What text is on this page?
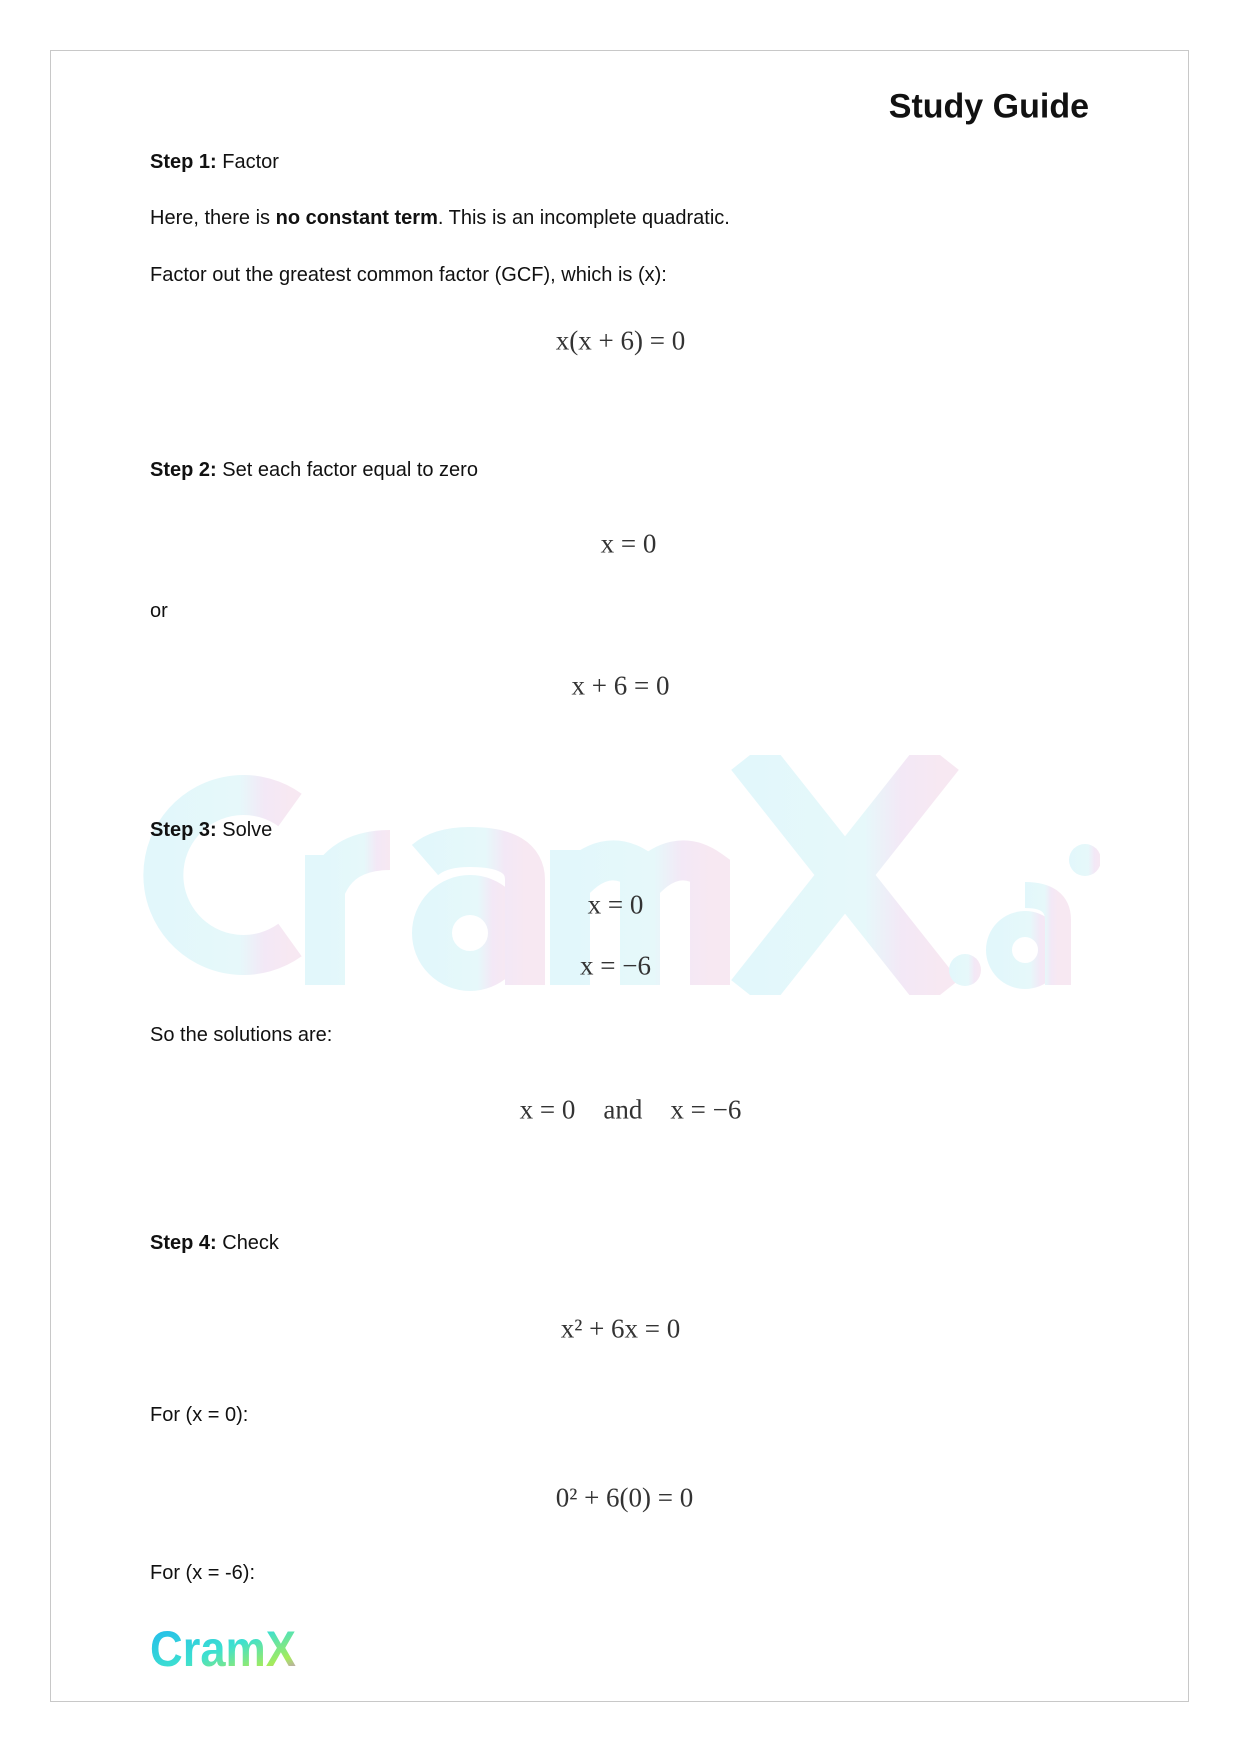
Study Guide
Step 1: Factor
Here, there is no constant term. This is an incomplete quadratic.
Factor out the greatest common factor (GCF), which is (x):
x(x + 6) = 0
Step 2: Set each factor equal to zero
x = 0
or
x + 6 = 0
Step 3: Solve
x = 0
x = −6
So the solutions are:
x = 0 and x = −6
Step 4: Check
x² + 6x = 0
For (x = 0):
0² + 6(0) = 0
For (x = -6):
CramX
